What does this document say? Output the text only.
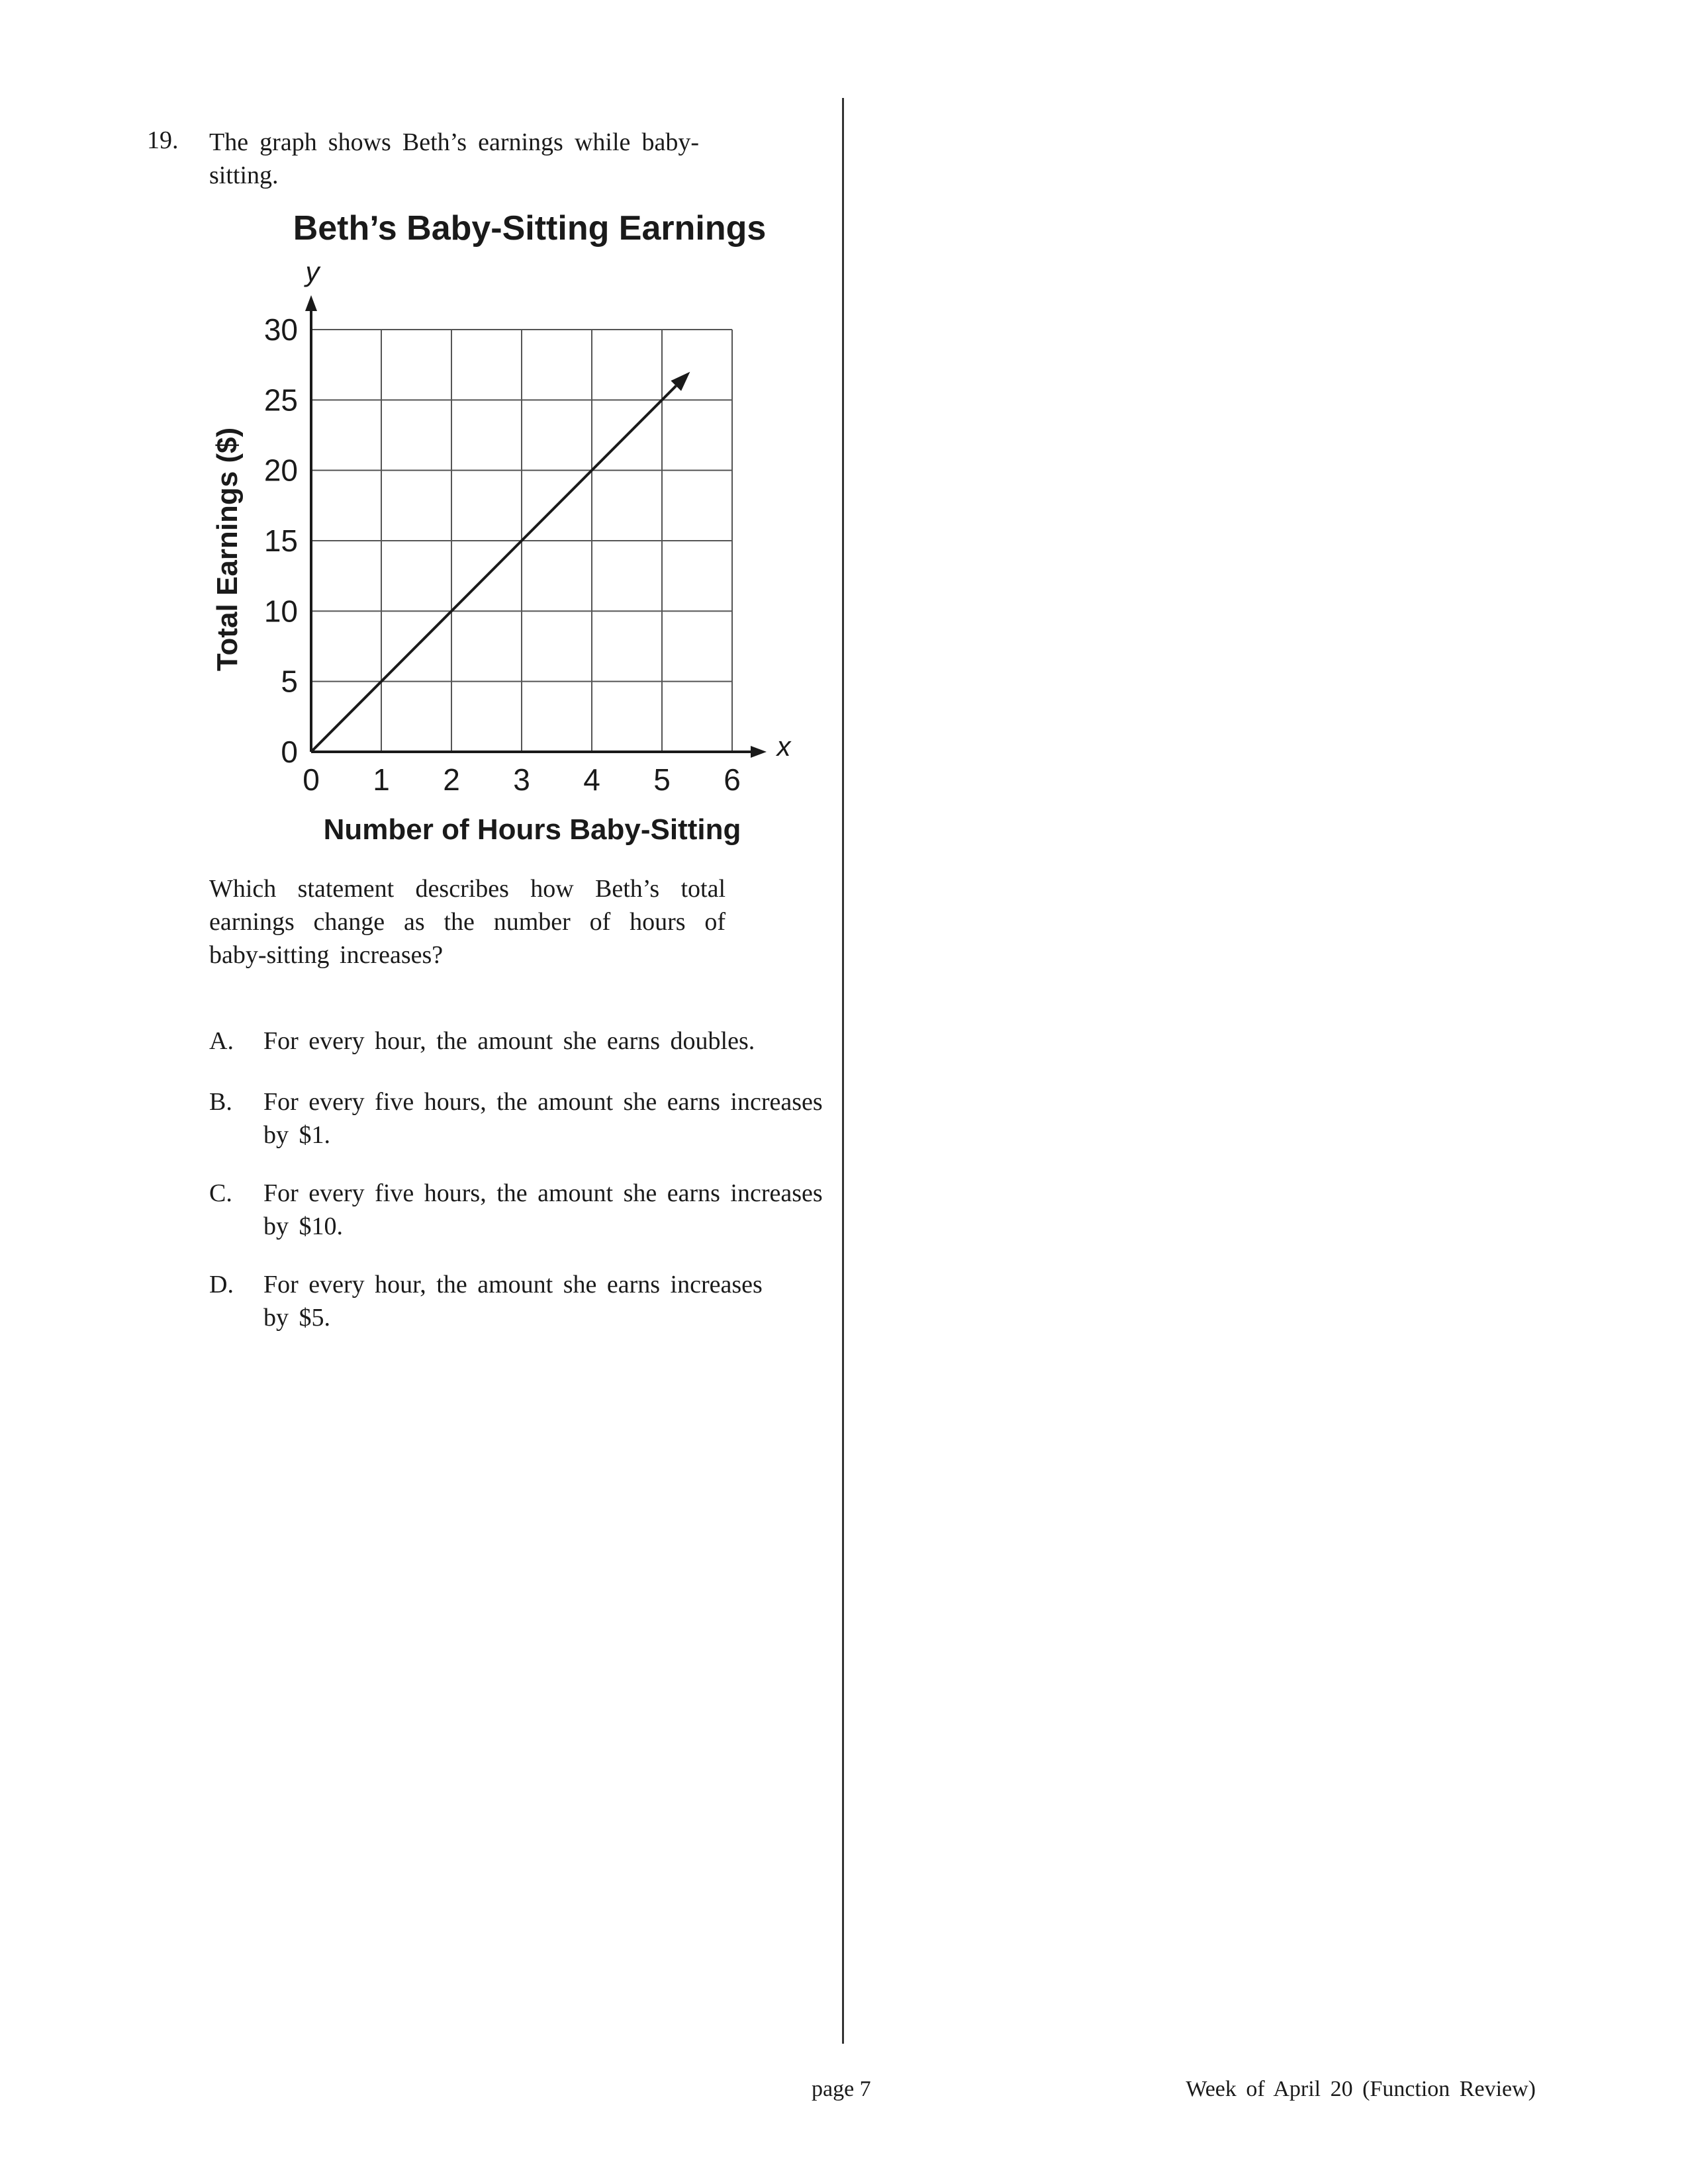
19. The graph shows Beth’s earnings while baby-sitting.
Beth’s Baby-Sitting Earnings
0
5
10
15
20
25
30
0 1 2 3 4 5 6
y
x
Number of Hours Baby-Sitting
Total Earnings ($)
Which statement describes how Beth’s total earnings change as the number of hours of baby-sitting increases?
A.	For every hour, the amount she earns doubles.
B.	For every five hours, the amount she earns increases by $1.
C.	For every five hours, the amount she earns increases by $10.
D.	For every hour, the amount she earns increases by $5.
page 7	Week of April 20 (Function Review)
